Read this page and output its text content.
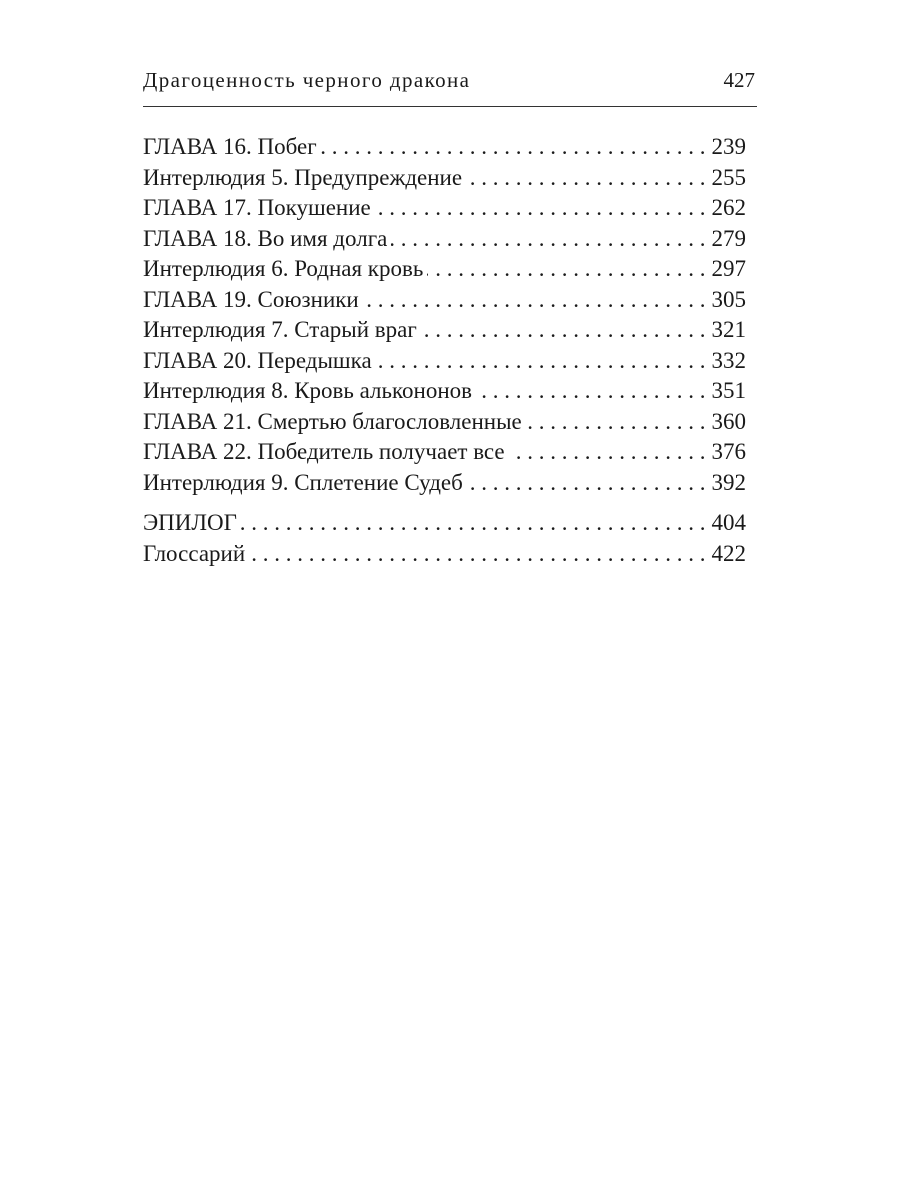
Драгоценность черного дракона	427
ГЛАВА 16. Побег . . .	239
Интерлюдия 5. Предупреждение . . .	255
ГЛАВА 17. Покушение . . .	262
ГЛАВА 18. Во имя долга . . .	279
Интерлюдия 6. Родная кровь . . .	297
ГЛАВА 19. Союзники . . .	305
Интерлюдия 7. Старый враг . . .	321
ГЛАВА 20. Передышка . . .	332
Интерлюдия 8. Кровь алькононов . . .	351
ГЛАВА 21. Смертью благословленные . . .	360
ГЛАВА 22. Победитель получает все . . .	376
Интерлюдия 9. Сплетение Судеб . . .	392
ЭПИЛОГ . . .	404
Глоссарий . . .	422
